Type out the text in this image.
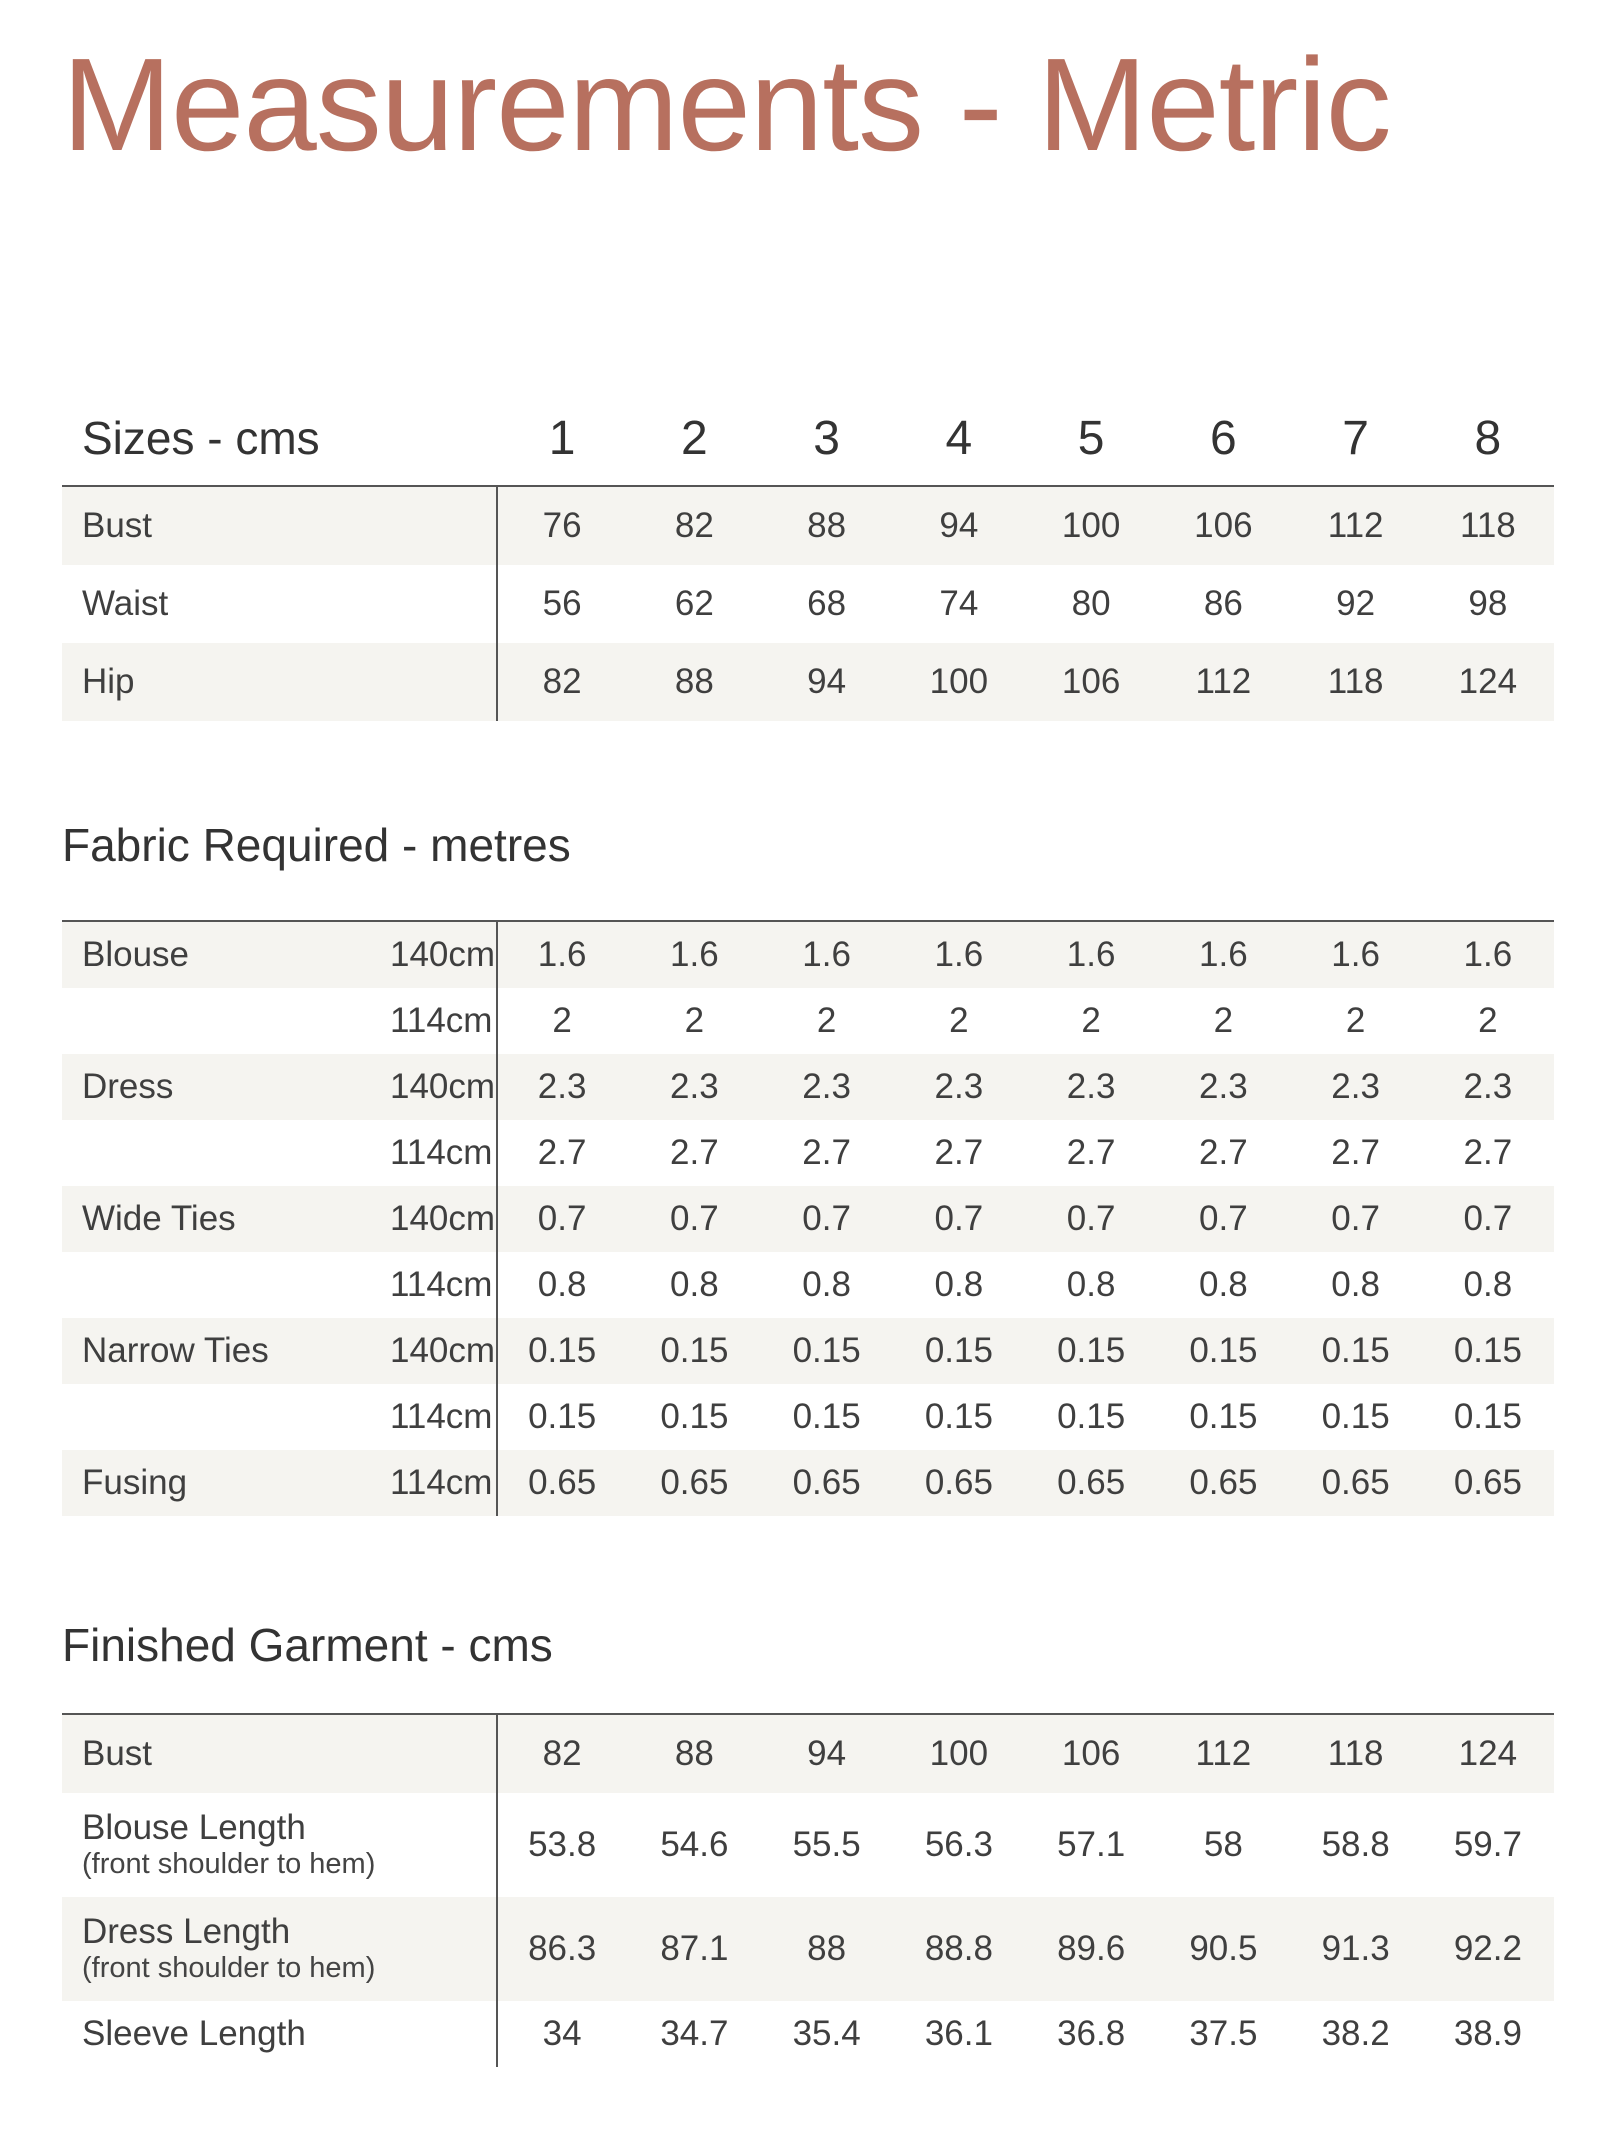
Measurements - Metric
Sizes - cms	1	2	3	4	5	6	7	8
Bust	76	82	88	94	100	106	112	118
Waist	56	62	68	74	80	86	92	98
Hip	82	88	94	100	106	112	118	124
Fabric Required - metres
Blouse	140cm	1.6	1.6	1.6	1.6	1.6	1.6	1.6	1.6
114cm	2	2	2	2	2	2	2	2
Dress	140cm	2.3	2.3	2.3	2.3	2.3	2.3	2.3	2.3
114cm	2.7	2.7	2.7	2.7	2.7	2.7	2.7	2.7
Wide Ties	140cm	0.7	0.7	0.7	0.7	0.7	0.7	0.7	0.7
114cm	0.8	0.8	0.8	0.8	0.8	0.8	0.8	0.8
Narrow Ties	140cm 0.15	0.15	0.15	0.15	0.15	0.15	0.15	0.15
114cm	0.15	0.15	0.15	0.15	0.15	0.15	0.15	0.15
Fusing	114cm	0.65	0.65	0.65	0.65	0.65	0.65	0.65	0.65
Finished Garment - cms
Bust	82	88	94	100	106	112	118	124
Blouse Length
(front shoulder to hem)
53.8	54.6	55.5	56.3	57.1	58	58.8	59.7
Dress Length
(front shoulder to hem)
86.3	87.1	88	88.8	89.6	90.5	91.3	92.2
Sleeve Length	34	34.7	35.4	36.1	36.8	37.5	38.2	38.9
